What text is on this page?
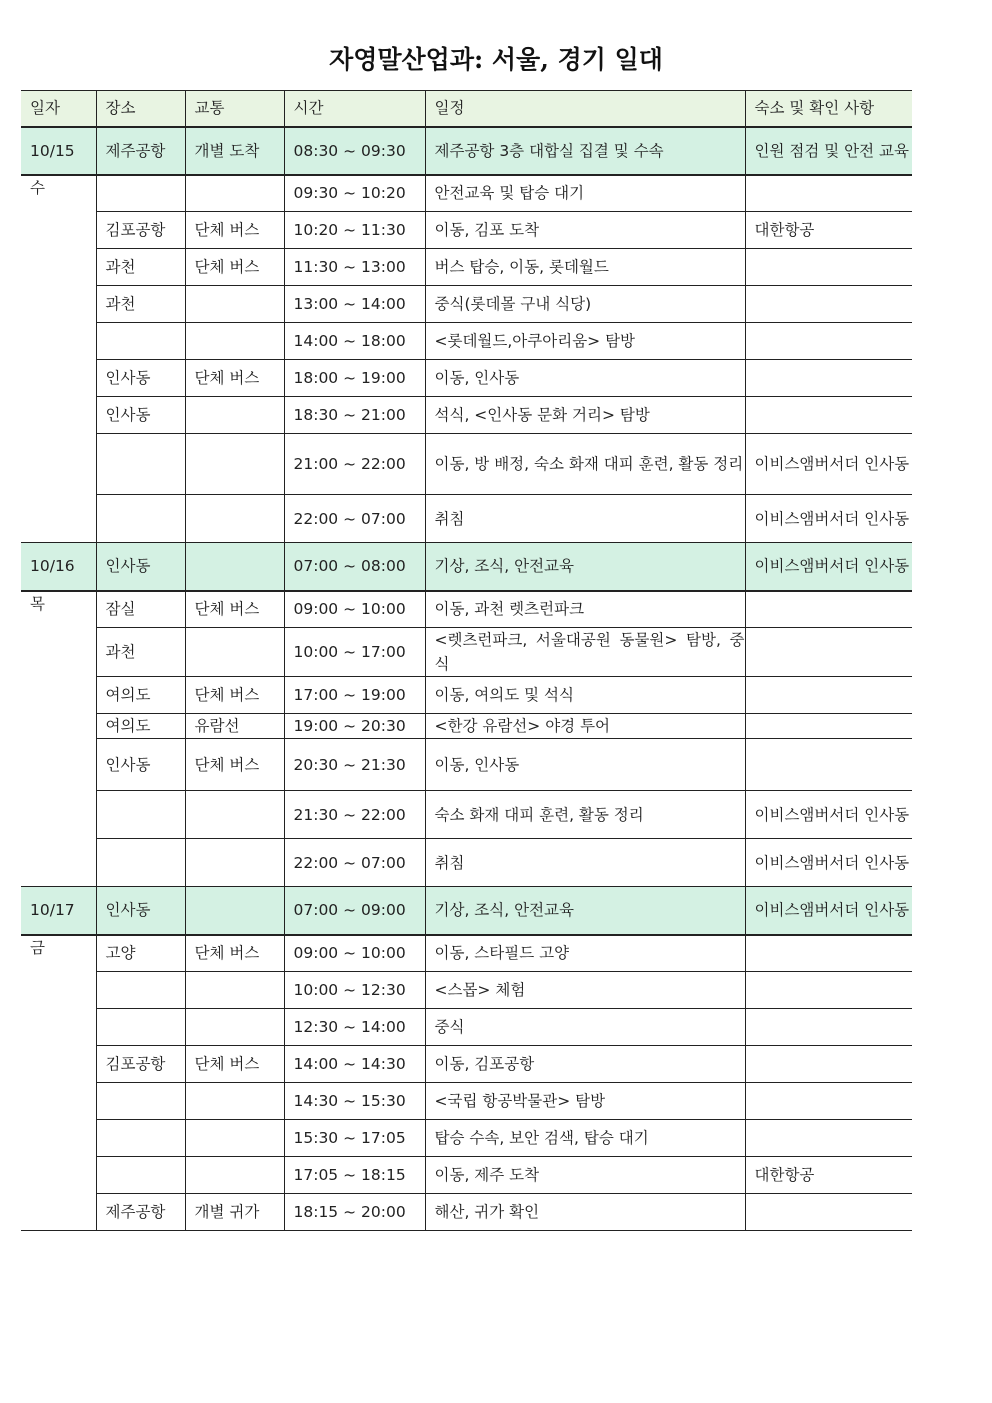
자영말산업과: 서울, 경기 일대
일자	장소	교통	시간	일정	숙소 및 확인 사항
10/15	제주공항	개별 도착	08:30 ~ 09:30	제주공항 3층 대합실 집결 및 수속	인원 점검 및 안전 교육
수			09:30 ~ 10:20	안전교육 및 탑승 대기	
	김포공항	단체 버스	10:20 ~ 11:30	이동, 김포 도착	대한항공
	과천	단체 버스	11:30 ~ 13:00	버스 탑승, 이동, 롯데월드	
	과천		13:00 ~ 14:00	중식(롯데몰 구내 식당)	
			14:00 ~ 18:00	<롯데월드,아쿠아리움> 탐방	
	인사동	단체 버스	18:00 ~ 19:00	이동, 인사동	
	인사동		18:30 ~ 21:00	석식, <인사동 문화 거리> 탐방	
			21:00 ~ 22:00	이동, 방 배정, 숙소 화재 대피 훈련, 활동 정리	이비스앰버서더 인사동
			22:00 ~ 07:00	취침	이비스앰버서더 인사동
10/16	인사동		07:00 ~ 08:00	기상, 조식, 안전교육	이비스앰버서더 인사동
목	잠실	단체 버스	09:00 ~ 10:00	이동, 과천 렛츠런파크	
	과천		10:00 ~ 17:00	<렛츠런파크, 서울대공원 동물원> 탐방, 중식	
	여의도	단체 버스	17:00 ~ 19:00	이동, 여의도 및 석식	
	여의도	유람선	19:00 ~ 20:30	<한강 유람선> 야경 투어	
	인사동	단체 버스	20:30 ~ 21:30	이동, 인사동	
			21:30 ~ 22:00	숙소 화재 대피 훈련, 활동 정리	이비스앰버서더 인사동
			22:00 ~ 07:00	취침	이비스앰버서더 인사동
10/17	인사동		07:00 ~ 09:00	기상, 조식, 안전교육	이비스앰버서더 인사동
금	고양	단체 버스	09:00 ~ 10:00	이동, 스타필드 고양	
			10:00 ~ 12:30	<스몹> 체험	
			12:30 ~ 14:00	중식	
	김포공항	단체 버스	14:00 ~ 14:30	이동, 김포공항	
			14:30 ~ 15:30	<국립 항공박물관> 탐방	
			15:30 ~ 17:05	탑승 수속, 보안 검색, 탑승 대기	
			17:05 ~ 18:15	이동, 제주 도착	대한항공
	제주공항	개별 귀가	18:15 ~ 20:00	해산, 귀가 확인	
